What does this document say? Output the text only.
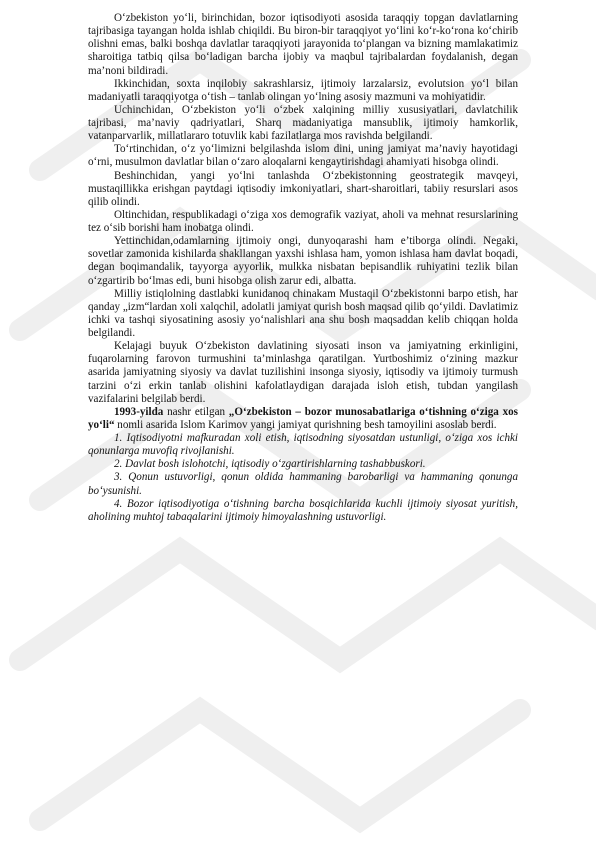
O‘zbekiston yo‘li, birinchidan, bozor iqtisodiyoti asosida taraqqiy topgan davlatlarning tajribasiga tayangan holda ishlab chiqildi. Bu biron-bir taraqqiyot yo‘lini ko‘r-ko‘rona ko‘chirib olishni emas, balki boshqa davlatlar taraqqiyoti jarayonida to‘plangan va bizning mamlakatimiz sharoitiga tatbiq qilsa bo‘ladigan barcha ijobiy va maqbul tajribalardan foydalanish, degan ma’noni bildiradi.

Ikkinchidan, soxta inqilobiy sakrashlarsiz, ijtimoiy larzalarsiz, evolutsion yo‘l bilan madaniyatli taraqqiyotga o‘tish – tanlab olingan yo‘lning asosiy mazmuni va mohiyatidir.

Uchinchidan, O‘zbekiston yo‘li o‘zbek xalqining milliy xususiyatlari, davlatchilik tajribasi, ma’naviy qadriyatlari, Sharq madaniyatiga mansublik, ijtimoiy hamkorlik, vatanparvarlik, millatlararo totuvlik kabi fazilatlarga mos ravishda belgilandi.

To‘rtinchidan, o‘z yo‘limizni belgilashda islom dini, uning jamiyat ma’naviy hayotidagi o‘rni, musulmon davlatlar bilan o‘zaro aloqalarni kengaytirishdagi ahamiyati hisobga olindi.

Beshinchidan, yangi yo‘lni tanlashda O‘zbekistonning geostrategik mavqeyi, mustaqillikka erishgan paytdagi iqtisodiy imkoniyatlari, shart-sharoitlari, tabiiy resurslari asos qilib olindi.

Oltinchidan, respublikadagi o‘ziga xos demografik vaziyat, aholi va mehnat resurslarining tez o‘sib borishi ham inobatga olindi.

Yettinchidan,odamlarning ijtimoiy ongi, dunyoqarashi ham e’tiborga olindi. Negaki, sovetlar zamonida kishilarda shakllangan yaxshi ishlasa ham, yomon ishlasa ham davlat boqadi, degan boqimandalik, tayyorga ayyorlik, mulkka nisbatan bepisandlik ruhiyatini tezlik bilan o‘zgartirib bo‘lmas edi, buni hisobga olish zarur edi, albatta.

Milliy istiqlolning dastlabki kunidanoq chinakam Mustaqil O‘zbekistonni barpo etish, har qanday „izm“lardan xoli xalqchil, adolatli jamiyat qurish bosh maqsad qilib qo‘yildi. Davlatimiz ichki va tashqi siyosatining asosiy yo‘nalishlari ana shu bosh maqsaddan kelib chiqqan holda belgilandi.

Kelajagi buyuk O‘zbekiston davlatining siyosati inson va jamiyatning erkinligini, fuqarolarning farovon turmushini ta’minlashga qaratilgan. Yurtboshimiz o‘zining mazkur asarida jamiyatning siyosiy va davlat tuzilishini insonga siyosiy, iqtisodiy va ijtimoiy turmush tarzini o‘zi erkin tanlab olishini kafolatlaydigan darajada isloh etish, tubdan yangilash vazifalarini belgilab berdi.

1993-yilda nashr etilgan „O‘zbekiston – bozor munosabatlariga o‘tishning o‘ziga xos yo‘li“ nomli asarida Islom Karimov yangi jamiyat qurishning besh tamoyilini asoslab berdi.

1. Iqtisodiyotni mafkuradan xoli etish, iqtisodning siyosatdan ustunligi, o‘ziga xos ichki qonunlarga muvofiq rivojlanishi.

2. Davlat bosh islohotchi, iqtisodiy o‘zgartirishlarning tashabbuskori.

3. Qonun ustuvorligi, qonun oldida hammaning barobarligi va hammaning qonunga bo‘ysunishi.

4. Bozor iqtisodiyotiga o‘tishning barcha bosqichlarida kuchli ijtimoiy siyosat yuritish, aholining muhtoj tabaqalarini ijtimoiy himoyalashning ustuvorligi.
